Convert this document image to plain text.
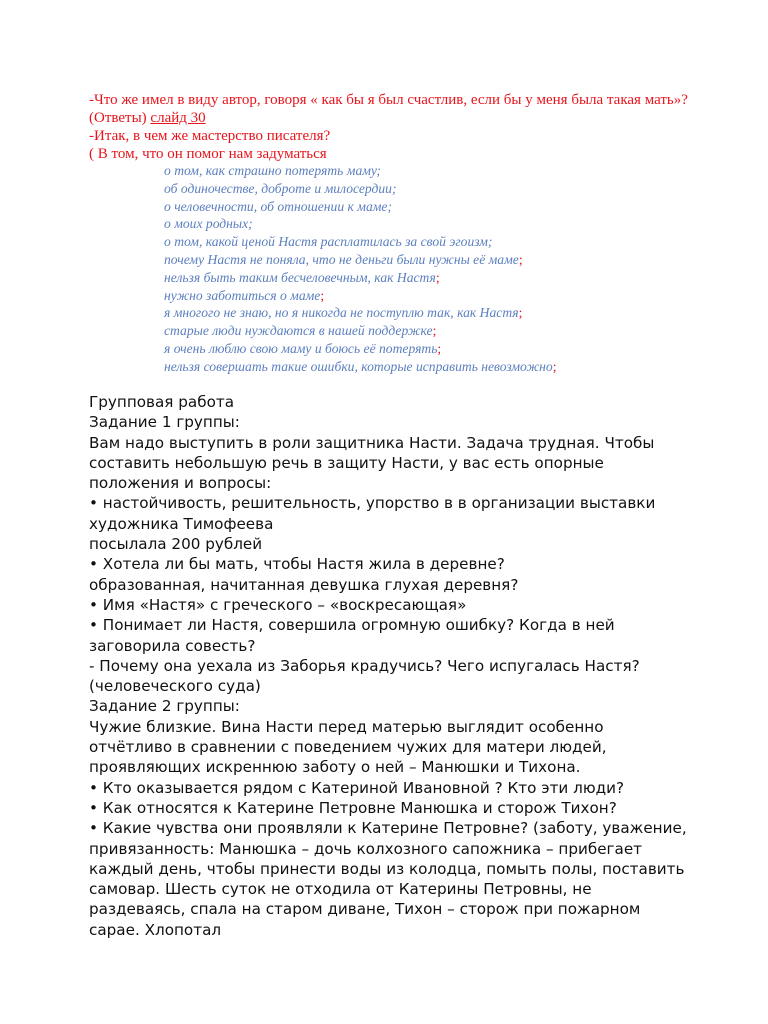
-Что же имел в виду автор, говоря « как бы я был счастлив, если бы у меня была такая мать»?(Ответы) слайд 30

-Итак, в чем же мастерство писателя?

( В том, что он помог нам задуматься

о том, как страшно потерять маму;

об одиночестве, доброте и милосердии;

о человечности, об отношении к маме;

о моих родных;

о том, какой ценой Настя расплатилась за свой эгоизм;

почему Настя не поняла, что не деньги были нужны её маме;

нельзя быть таким бесчеловечным, как Настя;

нужно заботиться о маме;

я многого не знаю, но я никогда не поступлю так, как Настя;

старые люди нуждаются в нашей поддержке;

я очень люблю свою маму и боюсь её потерять;

нельзя совершать такие ошибки, которые исправить невозможно;

Групповая работа

Задание 1 группы:

Вам надо выступить в роли защитника Насти. Задача трудная. Чтобы составить небольшую речь в защиту Насти, у вас есть опорные положения и вопросы:

• настойчивость, решительность, упорство в в организации выставки художника Тимофеева

посылала 200 рублей

• Хотела ли бы мать, чтобы Настя жила в деревне?

образованная, начитанная девушка глухая деревня?

• Имя «Настя» с греческого – «воскресающая»

• Понимает ли Настя, совершила огромную ошибку? Когда в ней заговорила совесть?

- Почему она уехала из Заборья крадучись? Чего испугалась Настя? (человеческого суда)

Задание 2 группы:

Чужие близкие. Вина Насти перед матерью выглядит особенно отчётливо в сравнении с поведением чужих для матери людей, проявляющих искреннюю заботу о ней – Манюшки и Тихона.

• Кто оказывается рядом с Катериной Ивановной ? Кто эти люди?

• Как относятся к Катерине Петровне Манюшка и сторож Тихон?

• Какие чувства они проявляли к Катерине Петровне? (заботу, уважение, привязанность: Манюшка – дочь колхозного сапожника – прибегает каждый день, чтобы принести воды из колодца, помыть полы, поставить самовар. Шесть суток не отходила от Катерины Петровны, не раздеваясь, спала на старом диване, Тихон – сторож при пожарном сарае. Хлопотал
